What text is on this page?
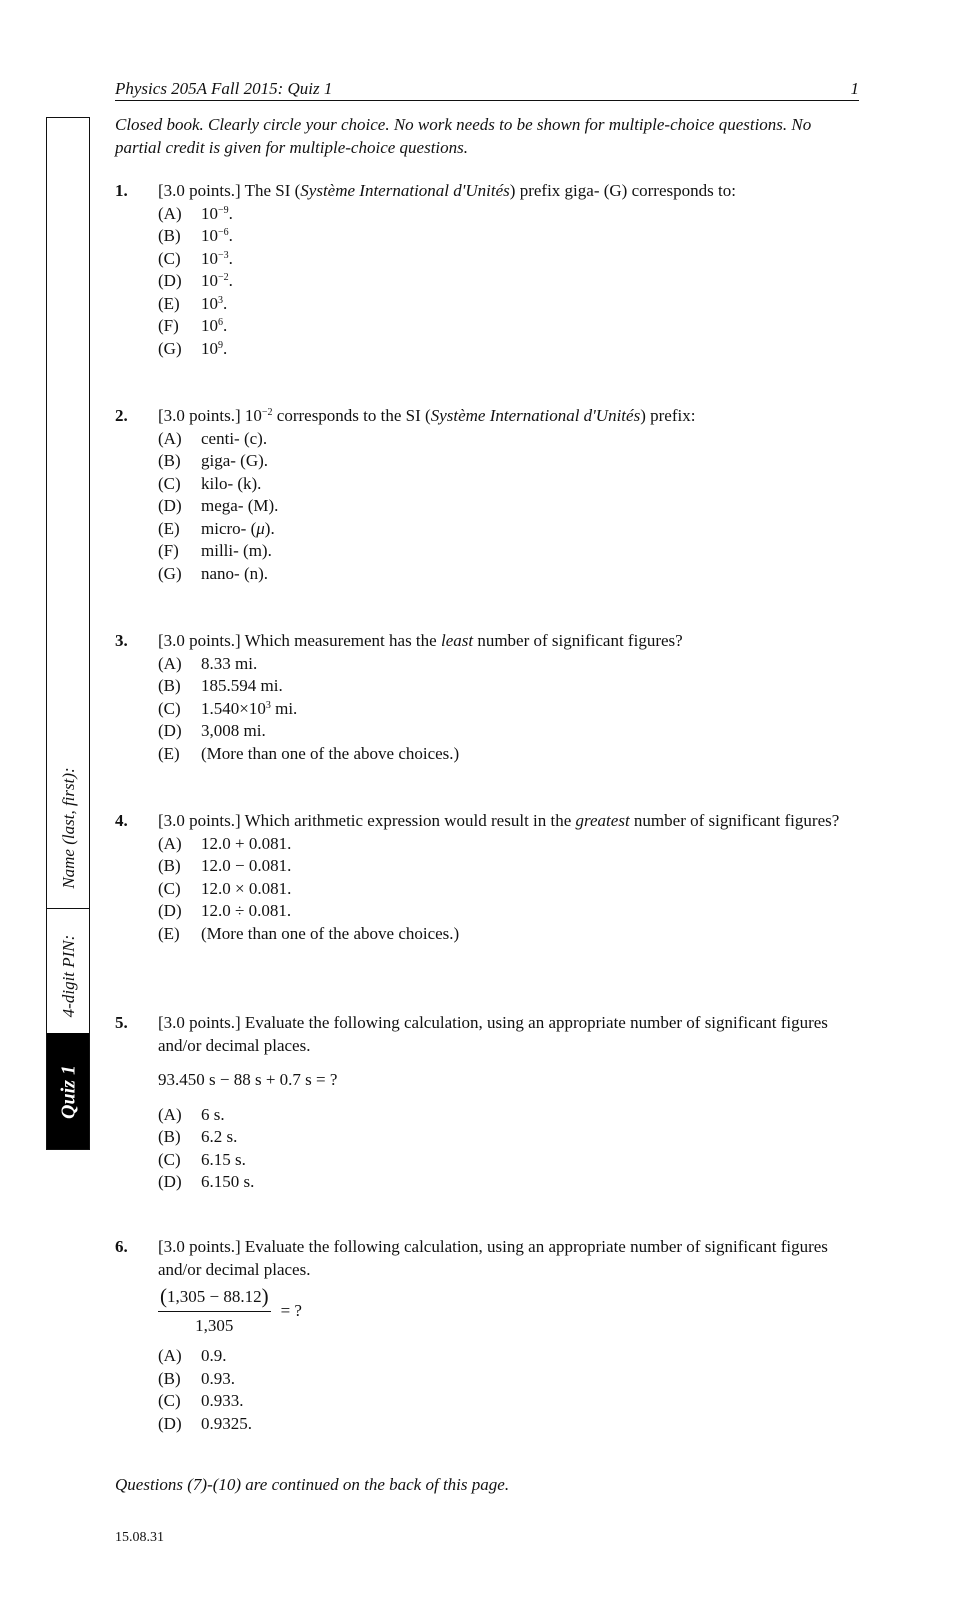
Physics 205A Fall 2015: Quiz 1	1
Name (last, first):
4-digit PIN:
Quiz 1
Closed book. Clearly circle your choice. No work needs to be shown for multiple-choice questions. No partial credit is given for multiple-choice questions.
1. [3.0 points.] The SI (Système International d'Unités) prefix giga- (G) corresponds to:
(A)	$10^{-9}$.
(B)	$10^{-6}$.
(C)	$10^{-3}$.
(D)	$10^{-2}$.
(E)	$10^3$.
(F)	$10^6$.
(G)	$10^9$.
2. [3.0 points.] $10^{-2}$ corresponds to the SI (Système International d'Unités) prefix:
(A)	centi- (c).
(B)	giga- (G).
(C)	kilo- (k).
(D)	mega- (M).
(E)	micro- (μ).
(F)	milli- (m).
(G)	nano- (n).
3. [3.0 points.] Which measurement has the least number of significant figures?
(A)	8.33 mi.
(B)	185.594 mi.
(C)	$1.540\times 10^3$ mi.
(D)	3,008 mi.
(E)	(More than one of the above choices.)
4. [3.0 points.] Which arithmetic expression would result in the greatest number of significant figures?
(A)	12.0 + 0.081.
(B)	12.0 − 0.081.
(C)	12.0 × 0.081.
(D)	12.0 ÷ 0.081.
(E)	(More than one of the above choices.)
5. [3.0 points.] Evaluate the following calculation, using an appropriate number of significant figures and/or decimal places.
93.450 s − 88 s + 0.7 s = ?
(A)	6 s.
(B)	6.2 s.
(C)	6.15 s.
(D)	6.150 s.
6. [3.0 points.] Evaluate the following calculation, using an appropriate number of significant figures and/or decimal places.
$\frac{(1,305 - 88.12)}{1,305}$ = ?
(A)	0.9.
(B)	0.93.
(C)	0.933.
(D)	0.9325.
Questions (7)-(10) are continued on the back of this page.
15.08.31
